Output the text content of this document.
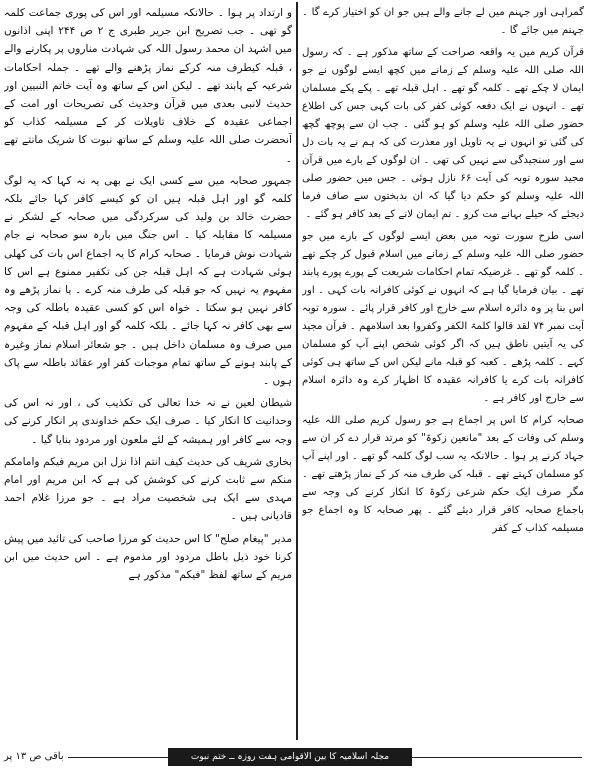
گمراہی اور جہنم میں لے جانے والے ہیں جو ان کو اختیار کرے گا ۔ جہنم میں جائے گا ۔

قرآن کریم میں یہ واقعہ صراحت کے ساتھ مذکور ہے ۔ کہ رسول اللہ صلی اللہ علیہ وسلم کے زمانے میں کچھ ایسے لوگوں نے جو ایمان لا چکے تھے ۔ کلمہ گو تھے ۔ اہل قبلہ تھے ۔ پکے پکے مسلمان تھے ۔ انہوں نے ایک دفعہ کوئی کفر کی بات کہی جس کی اطلاع حضور صلی اللہ علیہ وسلم کو ہو گئی ۔ جب ان سے پوچھ گچھ کی گئی تو انہوں نے یہ تاویل اور معذرت کی کہ ہم نے یہ بات دل سے اور سنجیدگی سے نہیں کی تھی ۔ ان لوگوں کے بارے میں قرآن مجید سورہ توبہ کی آیت ۶۶ نازل ہوئی ۔ جس میں حضور صلی اللہ علیہ وسلم کو حکم دیا گیا کہ ان بدبختوں سے صاف فرما دیجئے کہ حیلے بہانے مت کرو ۔ تم ایمان لانے کے بعد کافر ہو گئے ۔

اسی طرح سورت توبہ میں بعض ایسے لوگوں کے بارے میں جو حضور صلی اللہ علیہ وسلم کے زمانے میں اسلام قبول کر چکے تھے ۔ کلمہ گو تھے ۔ غرضیکہ تمام احکامات شریعت کے پورے پورے پابند تھے ۔ بیان فرمایا گیا ہے کہ انہوں نے کوئی کافرانہ بات کہی ۔ اور اس بنا پر وہ دائرہ اسلام سے خارج اور کافر قرار پائے ۔ سورہ توبہ آیت نمبر ۷۴ لقد قالوا کلمۃ الکفر وکفروا بعد اسلامھم ۔ قرآن مجید کی یہ آیتیں ناطق ہیں کہ اگر کوئی شخص اپنے آپ کو مسلمان کہے ۔ کلمہ پڑھے ۔ کعبہ کو قبلہ مانے لیکن اس کے ساتھ ہی کوئی کافرانہ بات کرے یا کافرانہ عقیدہ کا اظہار کرے وہ دائرہ اسلام سے خارج اور کافر ہے ۔

صحابہ کرام کا اس پر اجماع ہے جو رسول کریم صلی اللہ علیہ وسلم کی وفات کے بعد "مانعین زکوۃ" کو مرتد قرار دے کر ان سے جہاد کرنے پر ہوا ۔ حالانکہ یہ سب لوگ کلمہ گو تھے ۔ اور اپنے آپ کو مسلمان کہتے تھے ۔ قبلہ کی طرف منہ کر کے نماز پڑھتے تھے ۔ مگر صرف ایک حکم شرعی زکوۃ کا انکار کرنے کی وجہ سے باجماع صحابہ کافر قرار دیئے گئے ۔ پھر صحابہ کا وہ اجماع جو مسیلمہ کذاب کے کفر

و ارتداد پر ہوا ۔ حالانکہ مسیلمہ اور اس کی پوری جماعت کلمہ گو تھی ۔ جب تصریح ابن جریر طبری ج ۲ ص ۲۴۴ اپنی اذانوں میں اشہد ان محمد رسول اللہ کی شہادت مناروں پر پکارنے والے ، قبلہ کیطرف منہ کرکے نماز پڑھنے والے تھے ۔ جملہ احکامات شرعیہ کے پابند تھے ۔ لیکن اس کے ساتھ وہ آیت خاتم النبیین اور حدیث لانبی بعدی میں قرآن وحدیث کی تصریحات اور امت کے اجماعی عقیدہ کے خلاف تاویلات کر کے مسیلمہ کذاب کو آنحضرت صلی اللہ علیہ وسلم کے ساتھ نبوت کا شریک مانتے تھے ۔

جمہور صحابہ میں سے کسی ایک نے بھی یہ نہ کہا کہ یہ لوگ کلمہ گو اور اہل قبلہ ہیں ان کو کیسے کافر کہا جائے بلکہ حضرت خالد بن ولید کی سرکردگی میں صحابہ کے لشکر نے مسیلمہ کا مقابلہ کیا ۔ اس جنگ میں بارہ سو صحابہ نے جام شہادت نوش فرمایا ۔ صحابہ کرام کا یہ اجماع اس بات کی کھلی ہوئی شہادت ہے کہ اہل قبلہ جن کی تکفیر ممنوع ہے اس کا مفہوم یہ نہیں کہ جو قبلہ کی طرف منہ کرے ۔ یا نماز پڑھے وہ کافر نہیں ہو سکتا ۔ خواہ اس کو کسی عقیدہ باطلہ کی وجہ سے بھی کافر نہ کہا جائے ۔ بلکہ کلمہ گو اور اہل قبلہ کے مفہوم میں صرف وہ مسلمان داخل ہیں ۔ جو شعائر اسلام نماز وغیرہ کے پابند ہونے کے ساتھ تمام موجبات کفر اور عقائد باطلہ سے پاک ہوں ۔

شیطان لعین نے نہ خدا تعالی کی تکذیب کی ، اور نہ اس کی وحدانیت کا انکار کیا ۔ صرف ایک حکم خداوندی پر انکار کرنے کی وجہ سے کافر اور ہمیشہ کے لئے ملعون اور مردود بنایا گیا ۔

بخاری شریف کی حدیث کیف انتم اذا نزل ابن مریم فیکم وامامکم منکم سے ثابت کرنے کی کوشش کی ہے کہ ابن مریم اور امام مہدی سے ایک ہی شخصیت مراد ہے ۔ جو مرزا غلام احمد قادیانی ہیں ۔

مدیر "پیغام صلح" کا اس حدیث کو مرزا صاحب کی تائید میں پیش کرنا خود ذیل باطل مردود اور مذموم ہے ۔ اس حدیث میں ابن مریم کے ساتھ لفظ "فیکم" مذکور ہے

مجلہ اسلامیہ کا بین الاقوامی ہفت روزہ ــ ختم نبوت
باقی ص ۱۳ پر
